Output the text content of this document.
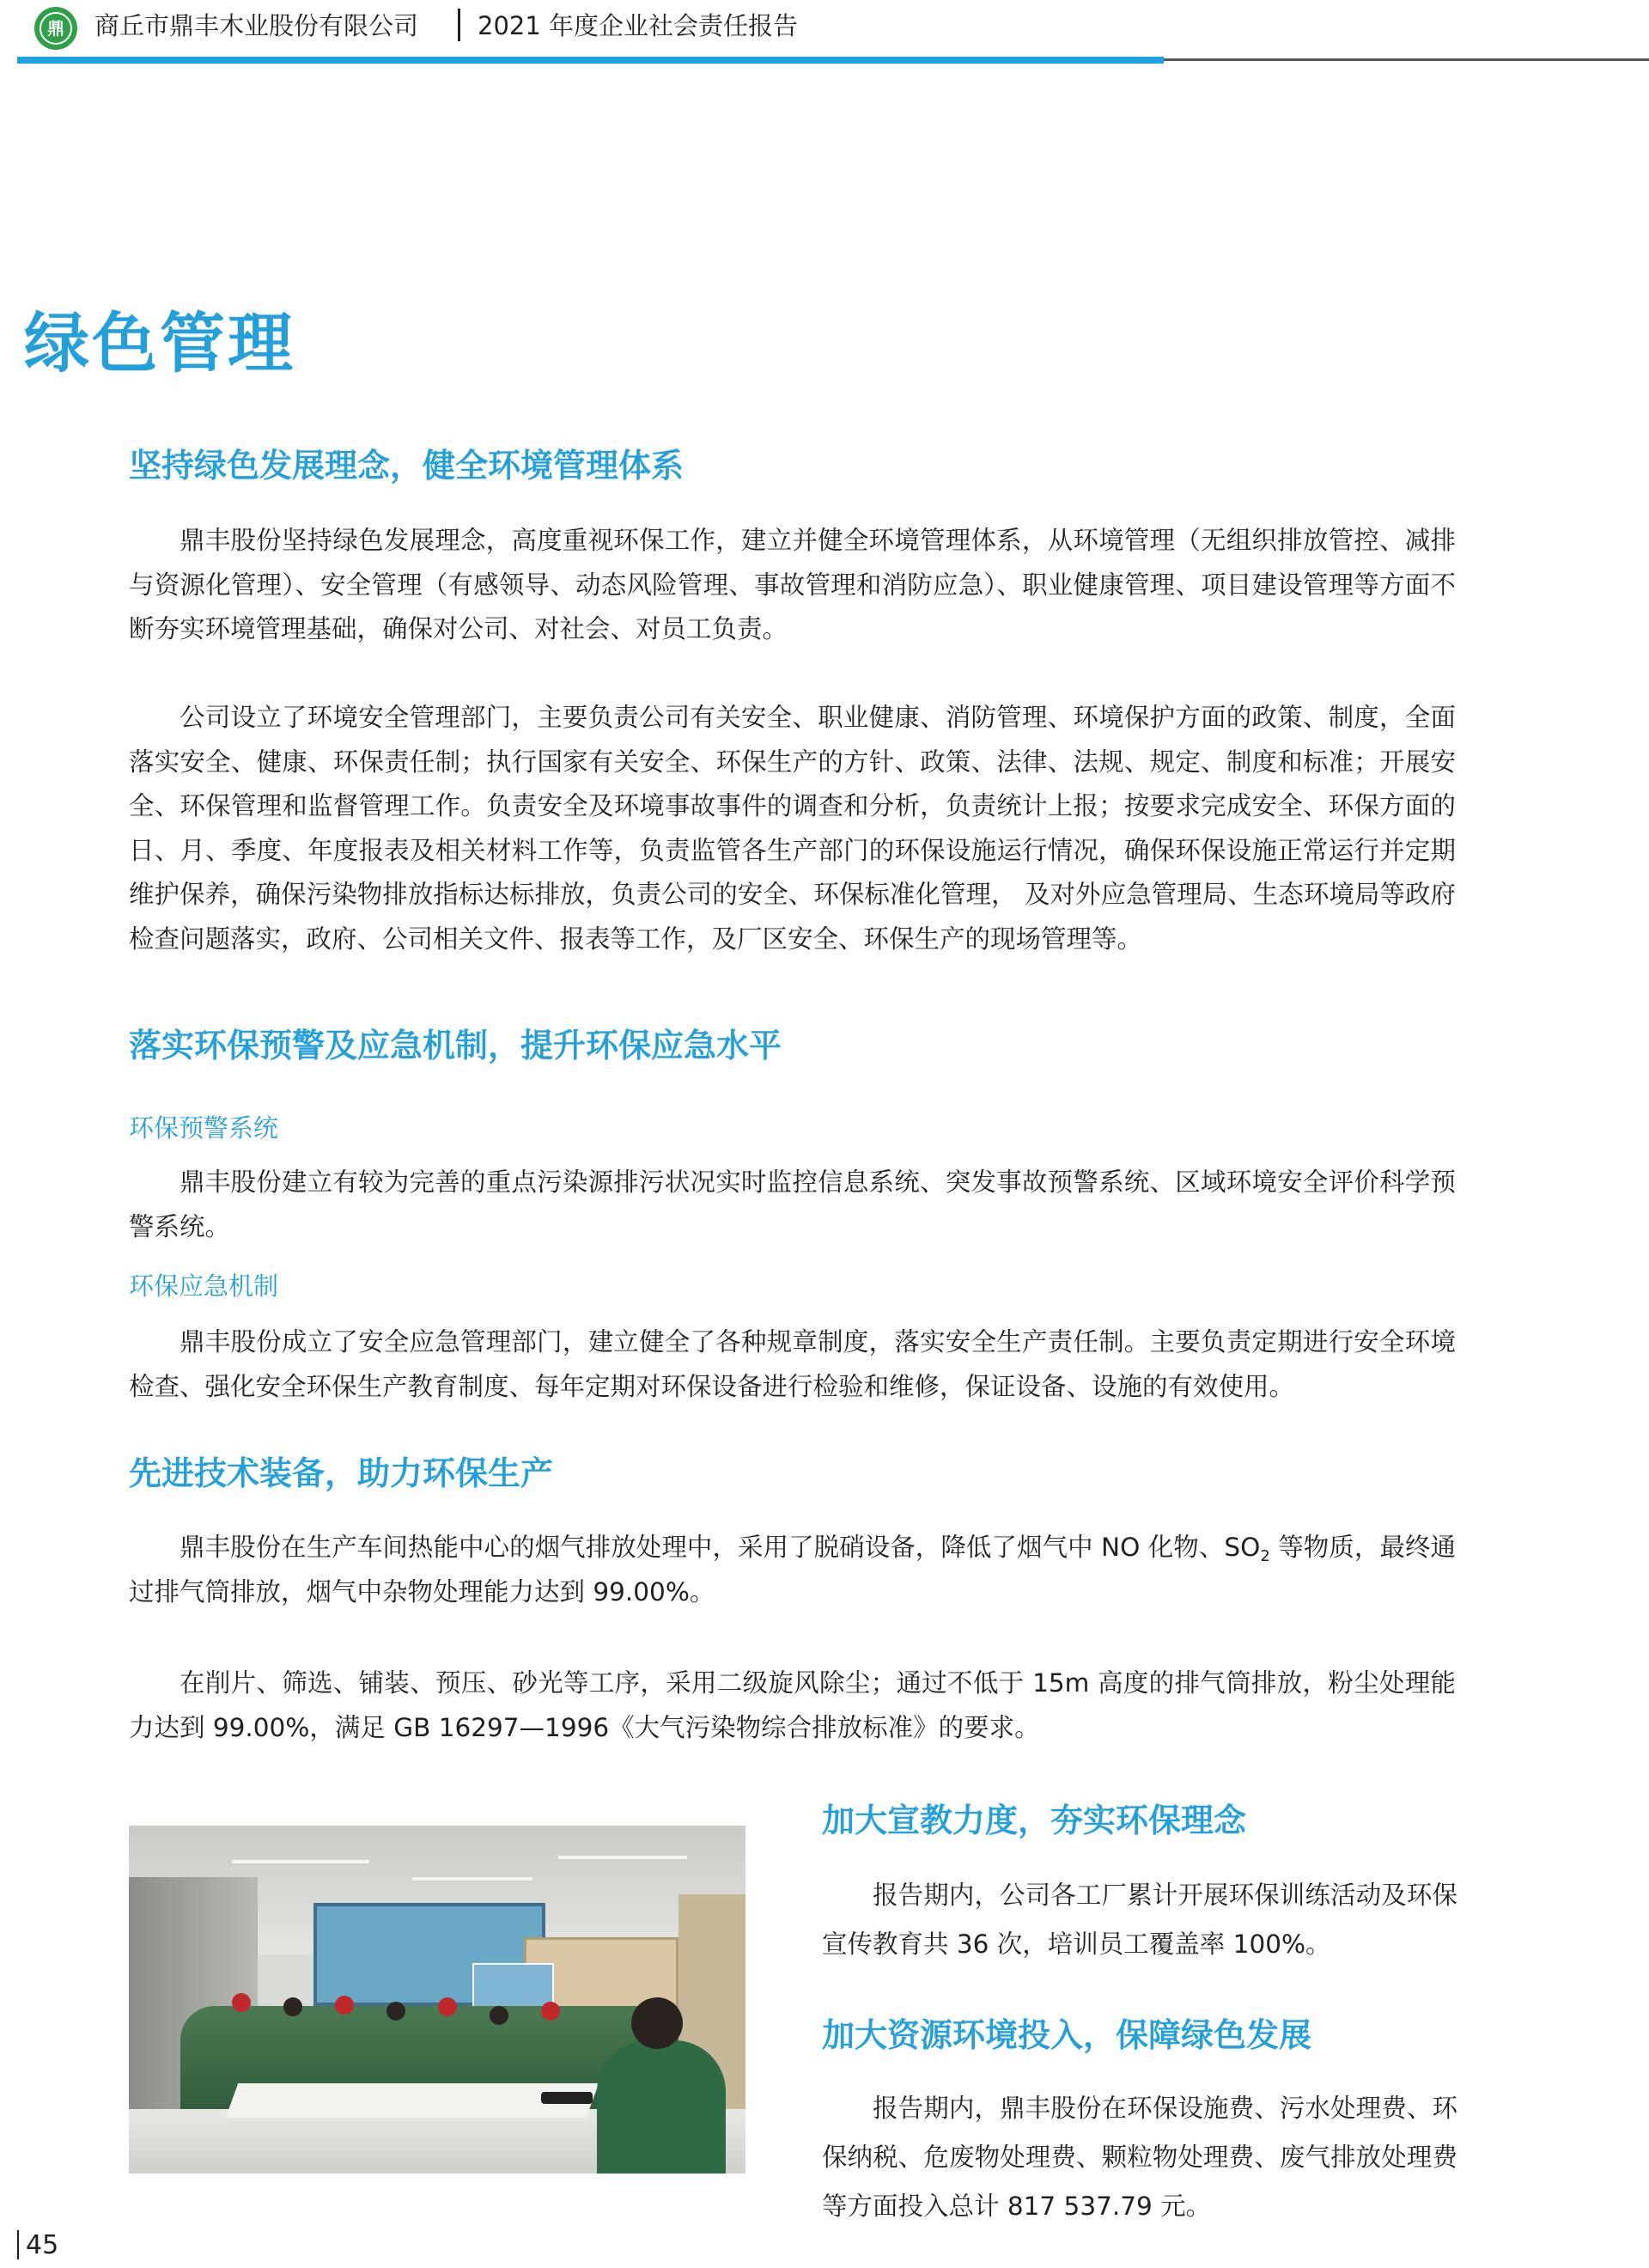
鼎	商丘市鼎丰木业股份有限公司 2021 年度企业社会责任报告
绿色管理
坚持绿色发展理念，健全环境管理体系

鼎丰股份坚持绿色发展理念，高度重视环保工作，建立并健全环境管理体系，从环境管理（无组织排放管控、减排与资源化管理）、安全管理（有感领导、动态风险管理、事故管理和消防应急）、职业健康管理、项目建设管理等方面不断夯实环境管理基础，确保对公司、对社会、对员工负责。

公司设立了环境安全管理部门，主要负责公司有关安全、职业健康、消防管理、环境保护方面的政策、制度，全面落实安全、健康、环保责任制；执行国家有关安全、环保生产的方针、政策、法律、法规、规定、制度和标准；开展安全、环保管理和监督管理工作。负责安全及环境事故事件的调查和分析，负责统计上报；按要求完成安全、环保方面的日、月、季度、年度报表及相关材料工作等，负责监管各生产部门的环保设施运行情况，确保环保设施正常运行并定期维护保养，确保污染物排放指标达标排放，负责公司的安全、环保标准化管理， 及对外应急管理局、生态环境局等政府检查问题落实，政府、公司相关文件、报表等工作，及厂区安全、环保生产的现场管理等。

落实环保预警及应急机制，提升环保应急水平
环保预警系统

鼎丰股份建立有较为完善的重点污染源排污状况实时监控信息系统、突发事故预警系统、区域环境安全评价科学预警系统。

环保应急机制

鼎丰股份成立了安全应急管理部门，建立健全了各种规章制度，落实安全生产责任制。主要负责定期进行安全环境检查、强化安全环保生产教育制度、每年定期对环保设备进行检验和维修，保证设备、设施的有效使用。

先进技术装备，助力环保生产

鼎丰股份在生产车间热能中心的烟气排放处理中，采用了脱硝设备，降低了烟气中 NO 化物、$SO_2$ 等物质，最终通过排气筒排放，烟气中杂物处理能力达到 99.00%。

在削片、筛选、铺装、预压、砂光等工序，采用二级旋风除尘；通过不低于 15m 高度的排气筒排放，粉尘处理能力达到 99.00%，满足 GB 16297—1996《大气污染物综合排放标准》的要求。

加大宣教力度，夯实环保理念

报告期内，公司各工厂累计开展环保训练活动及环保宣传教育共 36 次，培训员工覆盖率 100%。

加大资源环境投入，保障绿色发展

报告期内，鼎丰股份在环保设施费、污水处理费、环保纳税、危废物处理费、颗粒物处理费、废气排放处理费等方面投入总计 817 537.79 元。

45
